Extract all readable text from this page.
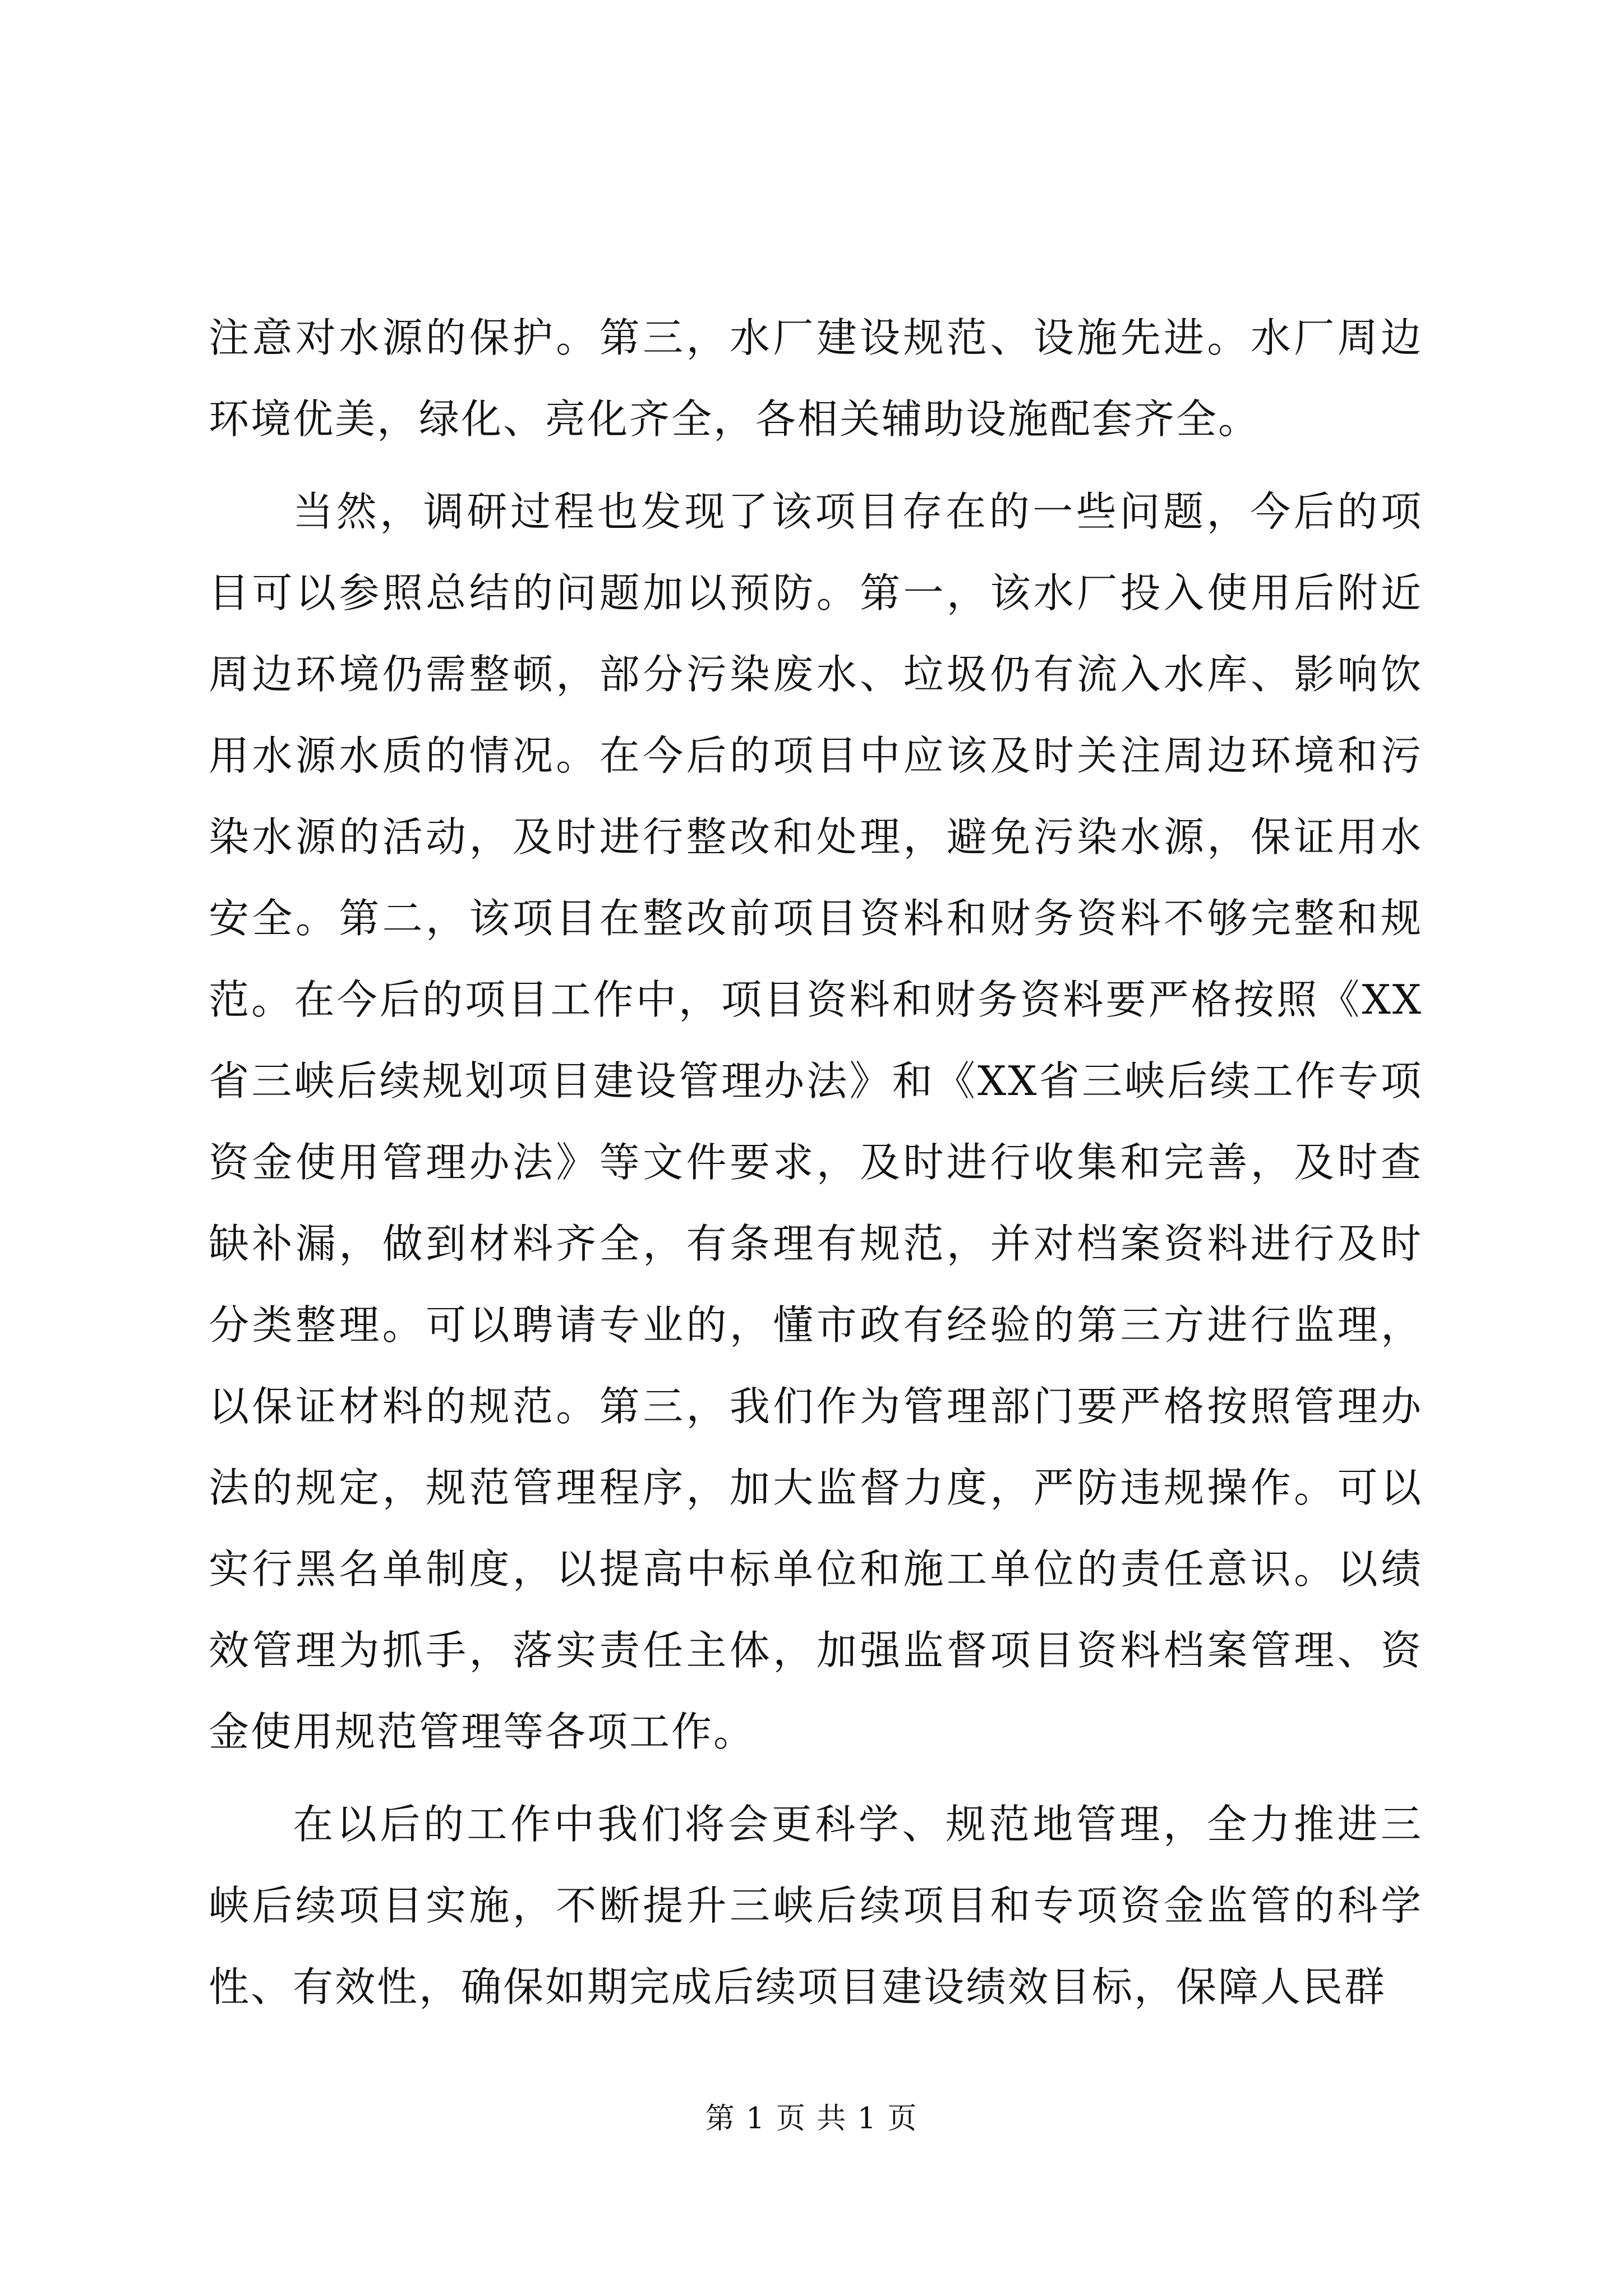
注意对水源的保护。第三，水厂建设规范、设施先进。水厂周边环境优美，绿化、亮化齐全，各相关辅助设施配套齐全。

当然，调研过程也发现了该项目存在的一些问题，今后的项目可以参照总结的问题加以预防。第一，该水厂投入使用后附近周边环境仍需整顿，部分污染废水、垃圾仍有流入水库、影响饮用水源水质的情况。在今后的项目中应该及时关注周边环境和污染水源的活动，及时进行整改和处理，避免污染水源，保证用水安全。第二，该项目在整改前项目资料和财务资料不够完整和规范。在今后的项目工作中，项目资料和财务资料要严格按照《XX省三峡后续规划项目建设管理办法》和《XX省三峡后续工作专项资金使用管理办法》等文件要求，及时进行收集和完善，及时查缺补漏，做到材料齐全，有条理有规范，并对档案资料进行及时分类整理。可以聘请专业的，懂市政有经验的第三方进行监理，以保证材料的规范。第三，我们作为管理部门要严格按照管理办法的规定，规范管理程序，加大监督力度，严防违规操作。可以实行黑名单制度，以提高中标单位和施工单位的责任意识。以绩效管理为抓手，落实责任主体，加强监督项目资料档案管理、资金使用规范管理等各项工作。

在以后的工作中我们将会更科学、规范地管理，全力推进三峡后续项目实施，不断提升三峡后续项目和专项资金监管的科学性、有效性，确保如期完成后续项目建设绩效目标，保障人民群

第 1 页 共 1 页
